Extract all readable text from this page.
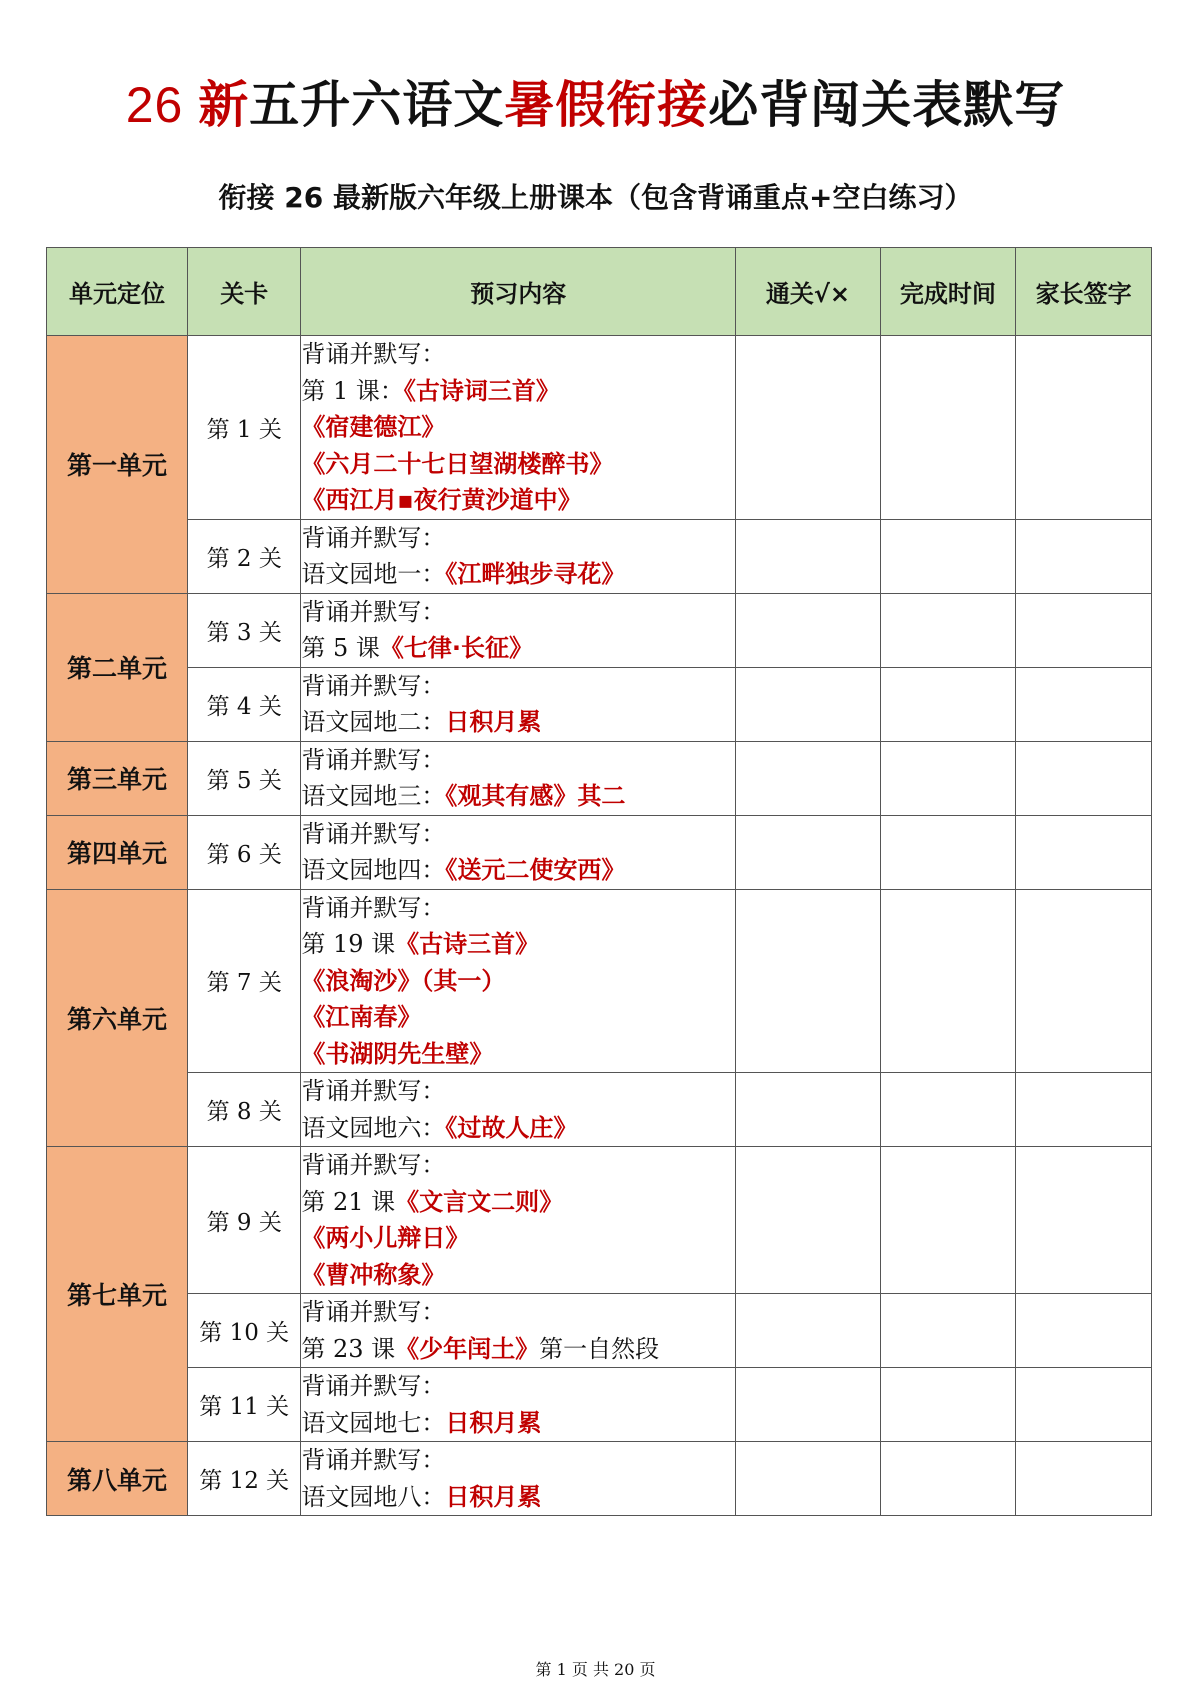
26 新五升六语文暑假衔接必背闯关表默写
衔接 26 最新版六年级上册课本（包含背诵重点+空白练习）
单元定位	关卡	预习内容	通关√×	完成时间	家长签字
第一单元	第 1 关	背诵并默写：
第 1 课：《古诗词三首》
《宿建德江》
《六月二十七日望湖楼醉书》
《西江月▪夜行黄沙道中》			

	第 2 关	背诵并默写：
语文园地一：《江畔独步寻花》			

第二单元	第 3 关	背诵并默写：
第 5 课《七律·长征》			

	第 4 关	背诵并默写：
语文园地二：日积月累			

第三单元	第 5 关	背诵并默写：
语文园地三：《观其有感》其二			

第四单元	第 6 关	背诵并默写：
语文园地四：《送元二使安西》			

第六单元	第 7 关	背诵并默写：
第 19 课《古诗三首》
《浪淘沙》（其一）
《江南春》
《书湖阴先生壁》			

	第 8 关	背诵并默写：
语文园地六：《过故人庄》			

第七单元	第 9 关	背诵并默写：
第 21 课《文言文二则》
《两小儿辩日》
《曹冲称象》			

	第 10 关	背诵并默写：
第 23 课《少年闰土》第一自然段			

	第 11 关	背诵并默写：
语文园地七：日积月累			

第八单元	第 12 关	背诵并默写：
语文园地八：日积月累			

第 1 页 共 20 页
